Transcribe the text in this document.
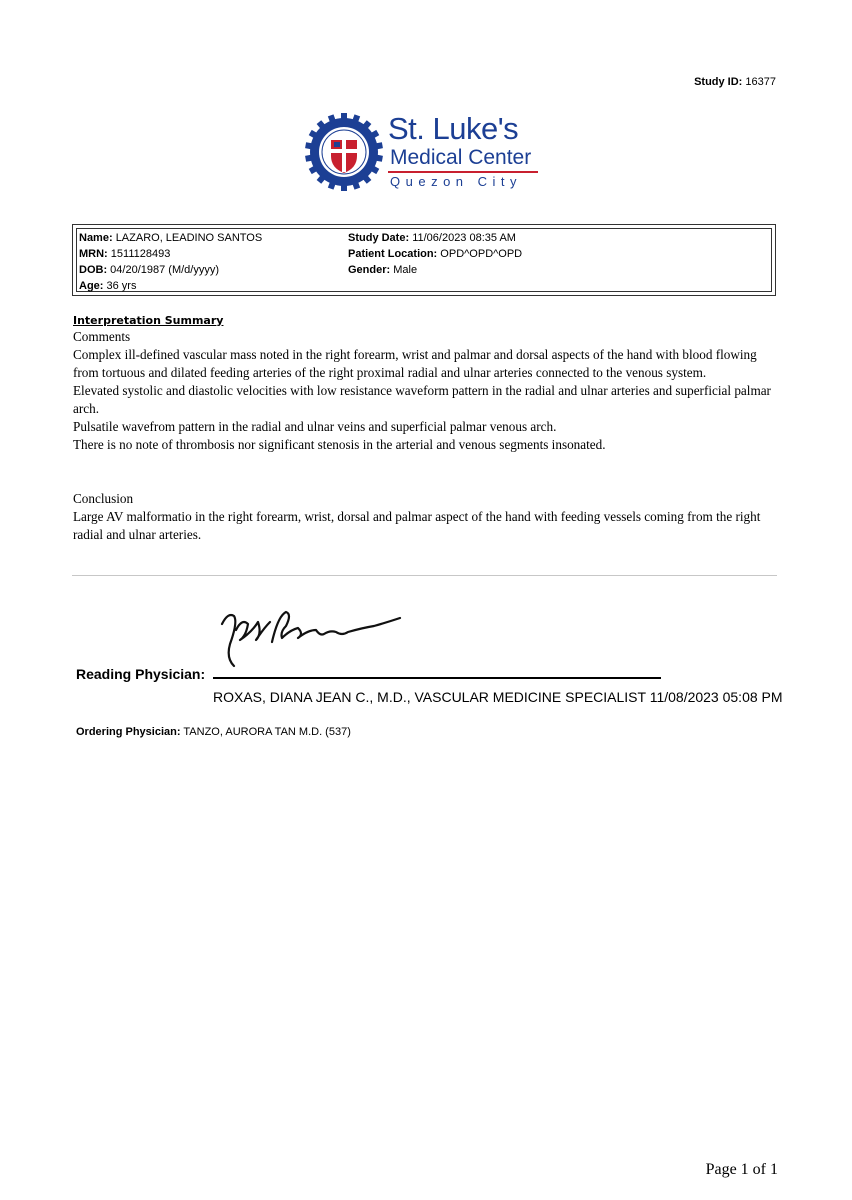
Study ID: 16377
St. Luke's
Medical Center
Quezon City
Name: LAZARO, LEADINO SANTOS
MRN: 1511128493
DOB: 04/20/1987 (M/d/yyyy)
Age: 36 yrs
Study Date: 11/06/2023 08:35 AM
Patient Location: OPD^OPD^OPD
Gender: Male
Interpretation Summary
Comments
Complex ill-defined vascular mass noted in the right forearm, wrist and palmar and dorsal aspects of the hand with blood flowing from tortuous and dilated feeding arteries of the right proximal radial and ulnar arteries connected to the venous system.
Elevated systolic and diastolic velocities with low resistance waveform pattern in the radial and ulnar arteries and superficial palmar arch.
Pulsatile wavefrom pattern in the radial and ulnar veins and superficial palmar venous arch.
There is no note of thrombosis nor significant stenosis in the arterial and venous segments insonated.
Conclusion
Large AV malformatio in the right forearm, wrist, dorsal and palmar aspect of the hand with feeding vessels coming from the right radial and ulnar arteries.
Reading Physician:
ROXAS, DIANA JEAN C., M.D., VASCULAR MEDICINE SPECIALIST 11/08/2023 05:08 PM
Ordering Physician: TANZO, AURORA TAN M.D. (537)
Page 1 of 1
